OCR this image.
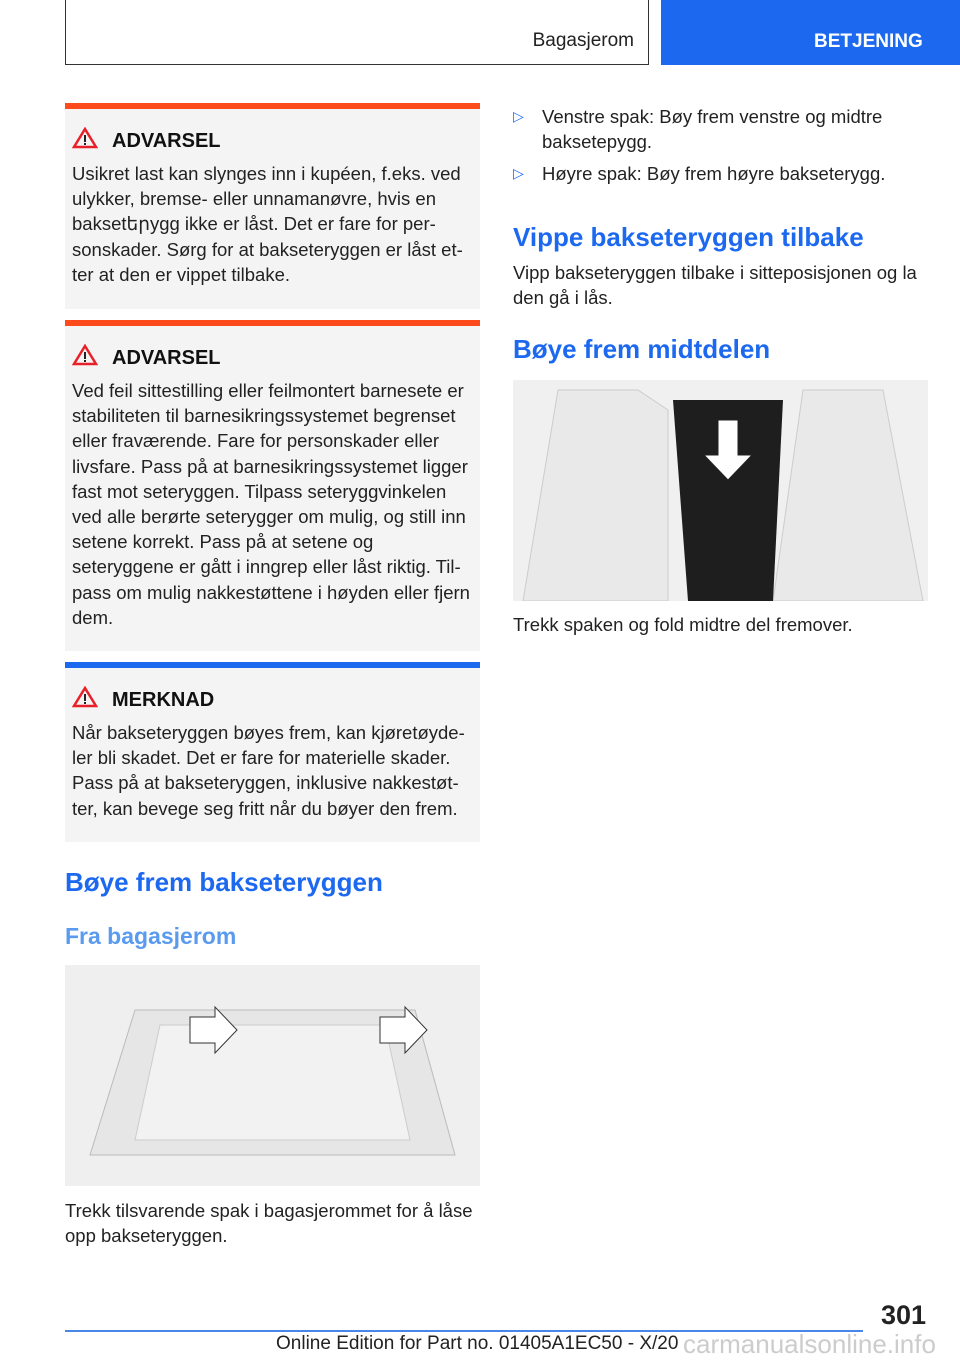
Bagasjerom	BETJENING
ADVARSEL

Usikret last kan slynges inn i kupéen, f.eks. ved ulykker, bremse- eller unnamanøvre, hvis en baksetերygg ikke er låst. Det er fare for personskader. Sørg for at bakseteryggen er låst etter at den er vippet tilbake.

ADVARSEL

Ved feil sittestilling eller feilmontert barnesete er stabiliteten til barnesikringssystemet begrenset eller fraværende. Fare for personskader eller livsfare. Pass på at barnesikringssystemet ligger fast mot seteryggen. Tilpass seteryggvinkelen ved alle berørte seterygger om mulig, og still inn setene korrekt. Pass på at setene og seteryggene er gått i inngrep eller låst riktig. Tilpass om mulig nakkestøttene i høyden eller fjern dem.

MERKNAD

Når bakseteryggen bøyes frem, kan kjøretøydeler bli skadet. Det er fare for materielle skader. Pass på at bakseteryggen, inklusive nakkestøtter, kan bevege seg fritt når du bøyer den frem.

Bøye frem bakseteryggen
Fra bagasjerom
Trekk tilsvarende spak i bagasjerommet for å låse opp bakseteryggen.
▷ Venstre spak: Bøy frem venstre og midtre baksetерygg.
▷ Høyre spak: Bøy frem høyre bakseterygg.
Vippe bakseteryggen tilbake
Vipp bakseteryggen tilbake i sitteposisjonen og la den gå i lås.
Bøye frem midtdelen
Trekk spaken og fold midtre del fremover.
301
Online Edition for Part no. 01405A1EC50 - X/20 carmanualsonline.info
